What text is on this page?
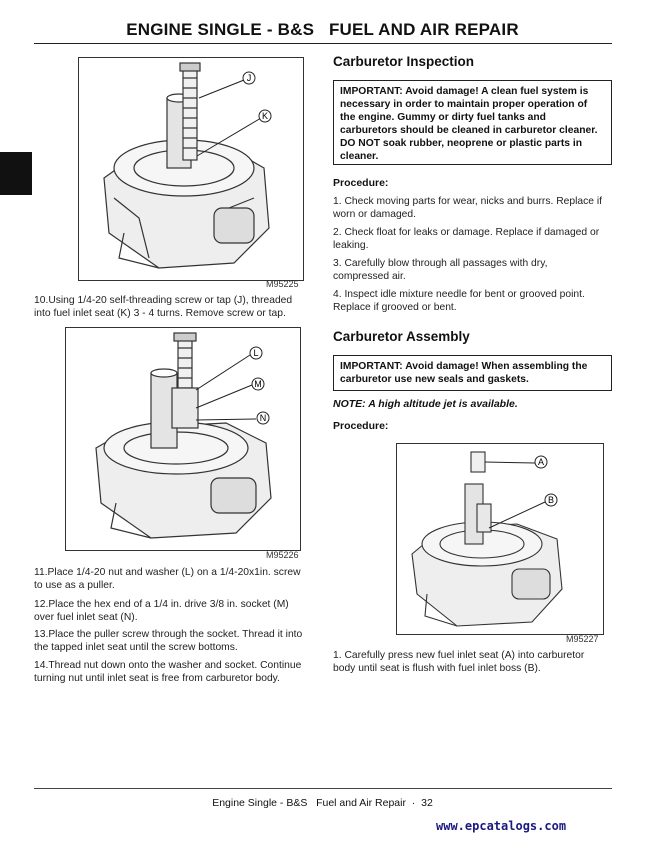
ENGINE SINGLE - B&S   FUEL AND AIR REPAIR
J
K
M95225
10.Using 1/4-20 self-threading screw or tap (J), threaded
into fuel inlet seat (K) 3 - 4 turns. Remove screw or tap.
L
M
N
M95226
11.Place 1/4-20 nut and washer (L) on a 1/4-20x1in. screw
to use as a puller.
12.Place the hex end of a 1/4 in. drive 3/8 in. socket (M)
over fuel inlet seat (N).
13.Place the puller screw through the socket. Thread it into
the tapped inlet seat until the screw bottoms.
14.Thread nut down onto the washer and socket. Continue
turning nut until inlet seat is free from carburetor body.
Carburetor Inspection
IMPORTANT: Avoid damage! A clean fuel system is
necessary in order to maintain proper operation of
the engine. Gummy or dirty fuel tanks and
carburetors should be cleaned in carburetor cleaner.
DO NOT soak rubber, neoprene or plastic parts in
cleaner.
Procedure:
1. Check moving parts for wear, nicks and burrs. Replace if
worn or damaged.
2. Check float for leaks or damage. Replace if damaged or
leaking.
3. Carefully blow through all passages with dry,
compressed air.
4. Inspect idle mixture needle for bent or grooved point.
Replace if grooved or bent.
Carburetor Assembly
IMPORTANT: Avoid damage! When assembling the
carburetor use new seals and gaskets.
NOTE: A high altitude jet is available.
Procedure:
A
B
M95227
1. Carefully press new fuel inlet seat (A) into carburetor
body until seat is flush with fuel inlet boss (B).
Engine Single - B&S   Fuel and Air Repair  ·  32
www.epcatalogs.com
